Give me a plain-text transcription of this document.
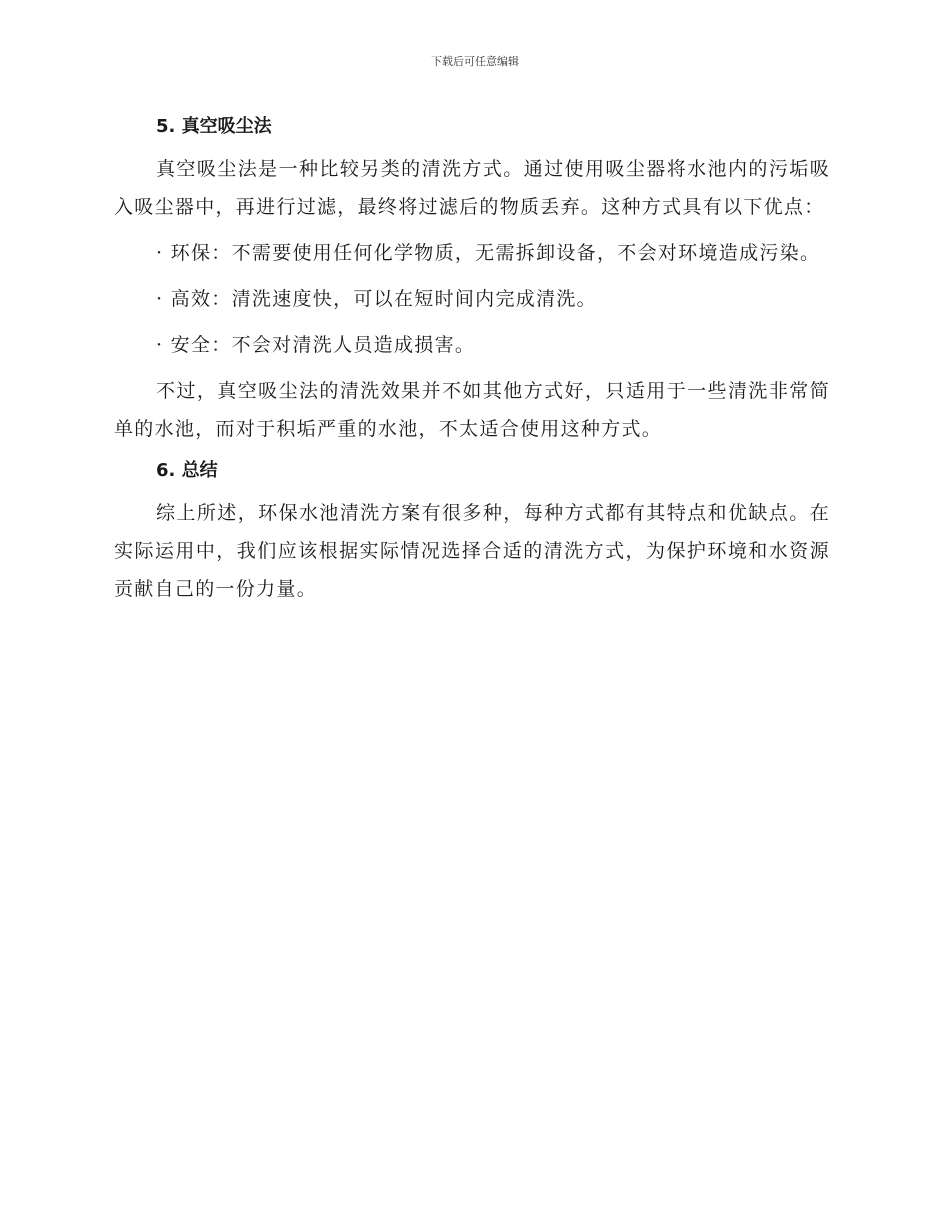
下载后可任意编辑
5. 真空吸尘法

真空吸尘法是一种比较另类的清洗方式。通过使用吸尘器将水池内的污垢吸入吸尘器中，再进行过滤，最终将过滤后的物质丢弃。这种方式具有以下优点：

· 环保：不需要使用任何化学物质，无需拆卸设备，不会对环境造成污染。

· 高效：清洗速度快，可以在短时间内完成清洗。

· 安全：不会对清洗人员造成损害。

不过，真空吸尘法的清洗效果并不如其他方式好，只适用于一些清洗非常简单的水池，而对于积垢严重的水池，不太适合使用这种方式。

6. 总结

综上所述，环保水池清洗方案有很多种，每种方式都有其特点和优缺点。在实际运用中，我们应该根据实际情况选择合适的清洗方式，为保护环境和水资源贡献自己的一份力量。
